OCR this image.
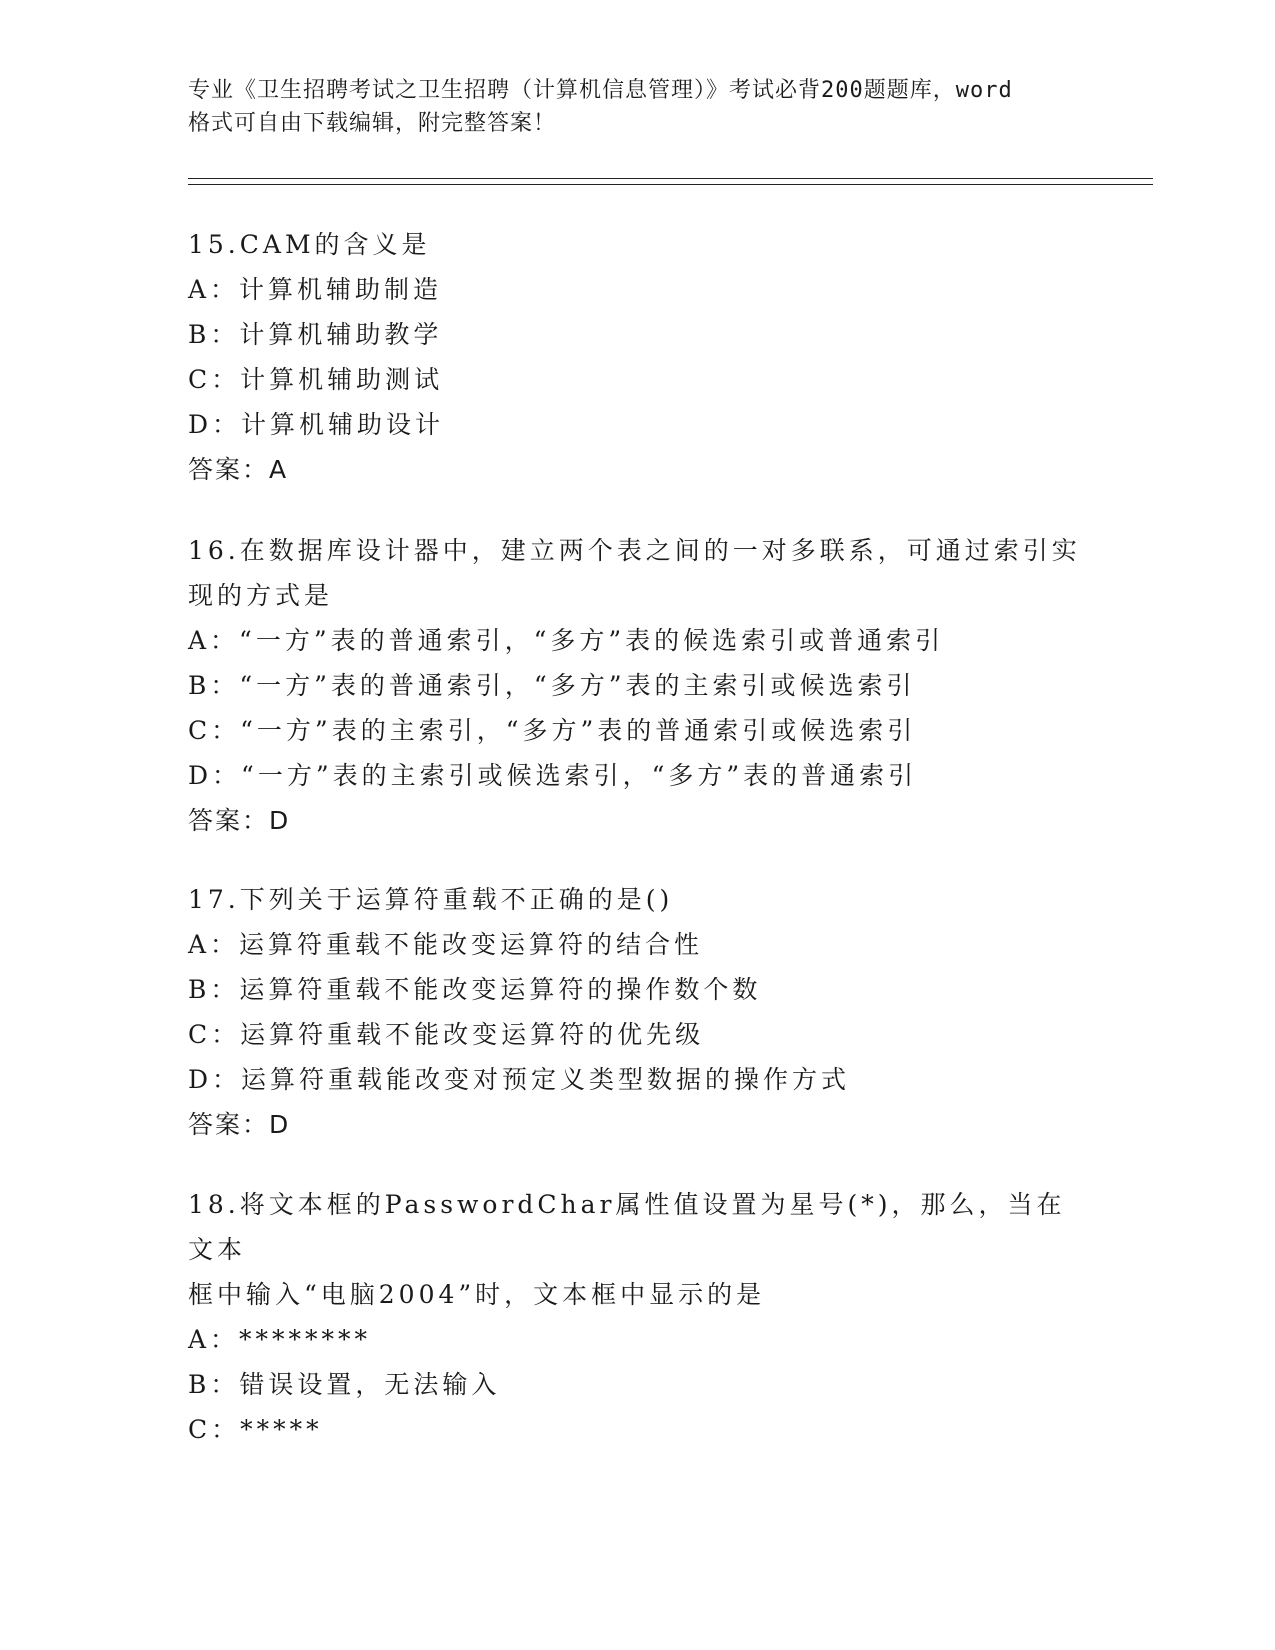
专业《卫生招聘考试之卫生招聘（计算机信息管理）》考试必背200题题库，word
格式可自由下载编辑，附完整答案！

15.CAM的含义是

A：计算机辅助制造

B：计算机辅助教学

C：计算机辅助测试

D：计算机辅助设计

答案：A

16.在数据库设计器中，建立两个表之间的一对多联系，可通过索引实

现的方式是

A：“一方”表的普通索引，“多方”表的候选索引或普通索引

B：“一方”表的普通索引，“多方”表的主索引或候选索引

C：“一方”表的主索引，“多方”表的普通索引或候选索引

D：“一方”表的主索引或候选索引，“多方”表的普通索引

答案：D

17.下列关于运算符重载不正确的是()

A：运算符重载不能改变运算符的结合性

B：运算符重载不能改变运算符的操作数个数

C：运算符重载不能改变运算符的优先级

D：运算符重载能改变对预定义类型数据的操作方式

答案：D

18.将文本框的PasswordChar属性值设置为星号(*)，那么，当在文本

框中输入“电脑2004”时，文本框中显示的是

A：********

B：错误设置，无法输入

C：*****
